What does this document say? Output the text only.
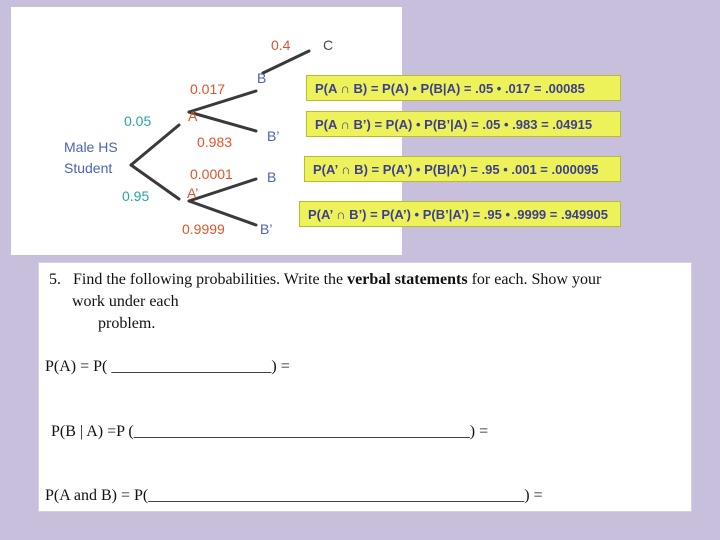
0.4 C
0.017
B
0.05	A
0.983 B’
Male HS
Student	0.0001 B
A’
0.95
0.9999	B’
P(A ∩ B) = P(A) • P(B|A) = .05 • .017 = .00085
P(A ∩ B’) = P(A) • P(B’|A) = .05 • .983 = .04915
P(A’ ∩ B) = P(A’) • P(B|A’) = .95 • .001 = .000095
P(A’ ∩ B’) = P(A’) • P(B’|A’) = .95 • .9999 = .949905
5. Find the following probabilities. Write the verbal statements for each. Show your
work under each
problem.
P(A) = P( ____________________) =
P(B | A) =P (__________________________________________) =
P(A and B) = P(_______________________________________________) =
